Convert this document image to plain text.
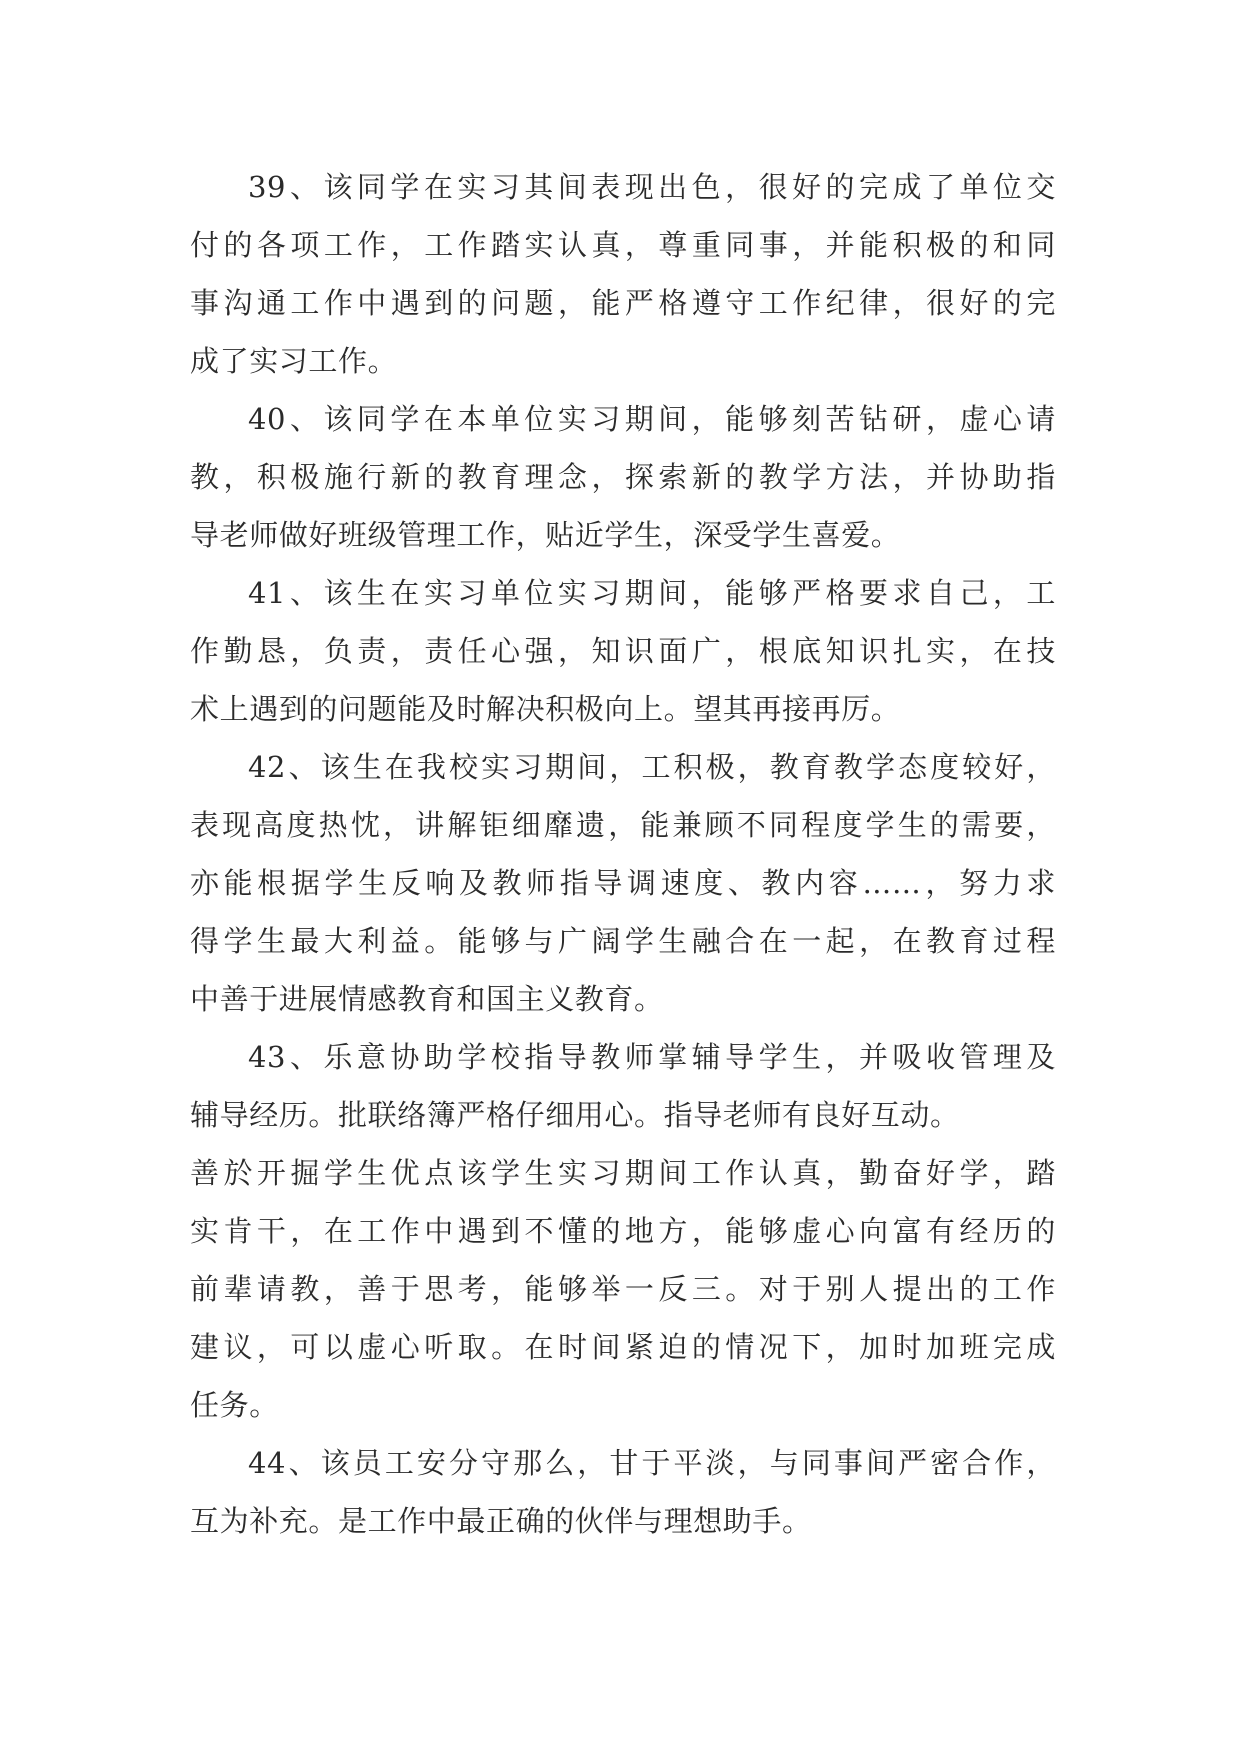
39、该同学在实习其间表现出色，很好的完成了单位交
付的各项工作，工作踏实认真，尊重同事，并能积极的和同
事沟通工作中遇到的问题，能严格遵守工作纪律，很好的完
成了实习工作。
40、该同学在本单位实习期间，能够刻苦钻研，虚心请
教，积极施行新的教育理念，探索新的教学方法，并协助指
导老师做好班级管理工作，贴近学生，深受学生喜爱。
41、该生在实习单位实习期间，能够严格要求自己，工
作勤恳，负责，责任心强，知识面广，根底知识扎实，在技
术上遇到的问题能及时解决积极向上。望其再接再厉。
42、该生在我校实习期间，工积极，教育教学态度较好，
表现高度热忱，讲解钜细靡遗，能兼顾不同程度学生的需要，
亦能根据学生反响及教师指导调速度、教内容……，努力求
得学生最大利益。能够与广阔学生融合在一起，在教育过程
中善于进展情感教育和国主义教育。
43、乐意协助学校指导教师掌辅导学生，并吸收管理及
辅导经历。批联络簿严格仔细用心。指导老师有良好互动。
善於开掘学生优点该学生实习期间工作认真，勤奋好学，踏
实肯干，在工作中遇到不懂的地方，能够虚心向富有经历的
前辈请教，善于思考，能够举一反三。对于别人提出的工作
建议，可以虚心听取。在时间紧迫的情况下，加时加班完成
任务。
44、该员工安分守那么，甘于平淡，与同事间严密合作，
互为补充。是工作中最正确的伙伴与理想助手。
